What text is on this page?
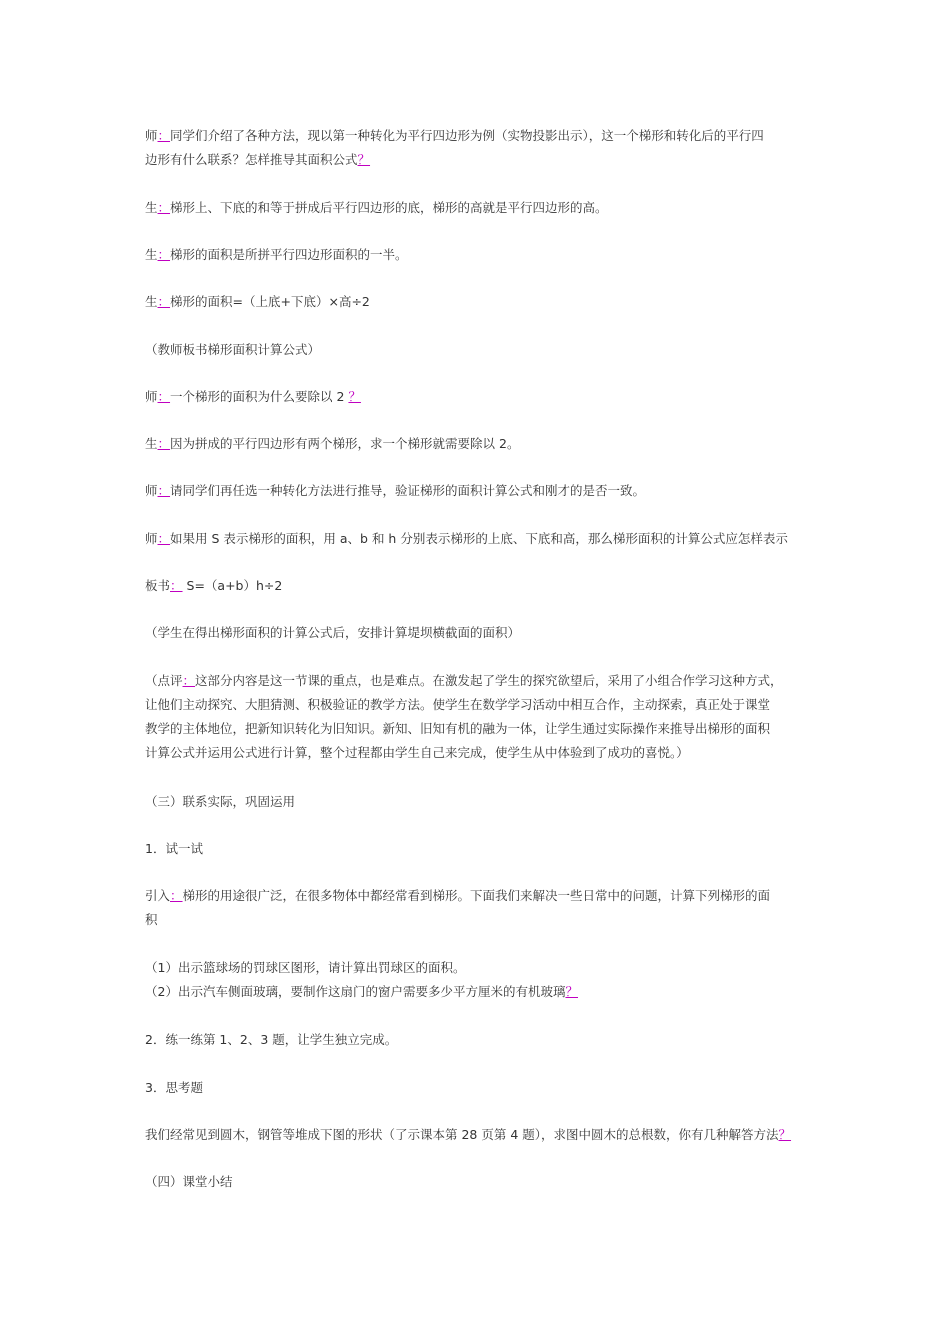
师：同学们介绍了各种方法，现以第一种转化为平行四边形为例（实物投影出示），这一个梯形和转化后的平行四
边形有什么联系？怎样推导其面积公式？
生：梯形上、下底的和等于拼成后平行四边形的底，梯形的高就是平行四边形的高。
生：梯形的面积是所拼平行四边形面积的一半。
生：梯形的面积=（上底+下底）×高÷2
（教师板书梯形面积计算公式）
师：一个梯形的面积为什么要除以 2 ？
生：因为拼成的平行四边形有两个梯形，求一个梯形就需要除以 2。
师：请同学们再任选一种转化方法进行推导，验证梯形的面积计算公式和刚才的是否一致。
师：如果用 S 表示梯形的面积，用 a、b 和 h 分别表示梯形的上底、下底和高，那么梯形面积的计算公式应怎样表示
板书： S=（a+b）h÷2
（学生在得出梯形面积的计算公式后，安排计算堤坝横截面的面积）
（点评：这部分内容是这一节课的重点，也是难点。在激发起了学生的探究欲望后，采用了小组合作学习这种方式，
让他们主动探究、大胆猜测、积极验证的教学方法。使学生在数学学习活动中相互合作，主动探索，真正处于课堂
教学的主体地位，把新知识转化为旧知识。新知、旧知有机的融为一体，让学生通过实际操作来推导出梯形的面积
计算公式并运用公式进行计算，整个过程都由学生自己来完成，使学生从中体验到了成功的喜悦。）
（三）联系实际，巩固运用
1．试一试
引入：梯形的用途很广泛，在很多物体中都经常看到梯形。下面我们来解决一些日常中的问题，计算下列梯形的面
积
（1）出示篮球场的罚球区图形，请计算出罚球区的面积。
（2）出示汽车侧面玻璃，要制作这扇门的窗户需要多少平方厘米的有机玻璃？
2．练一练第 1、2、3 题，让学生独立完成。
3．思考题
我们经常见到圆木，钢管等堆成下图的形状（了示课本第 28 页第 4 题），求图中圆木的总根数，你有几种解答方法？
（四）课堂小结
